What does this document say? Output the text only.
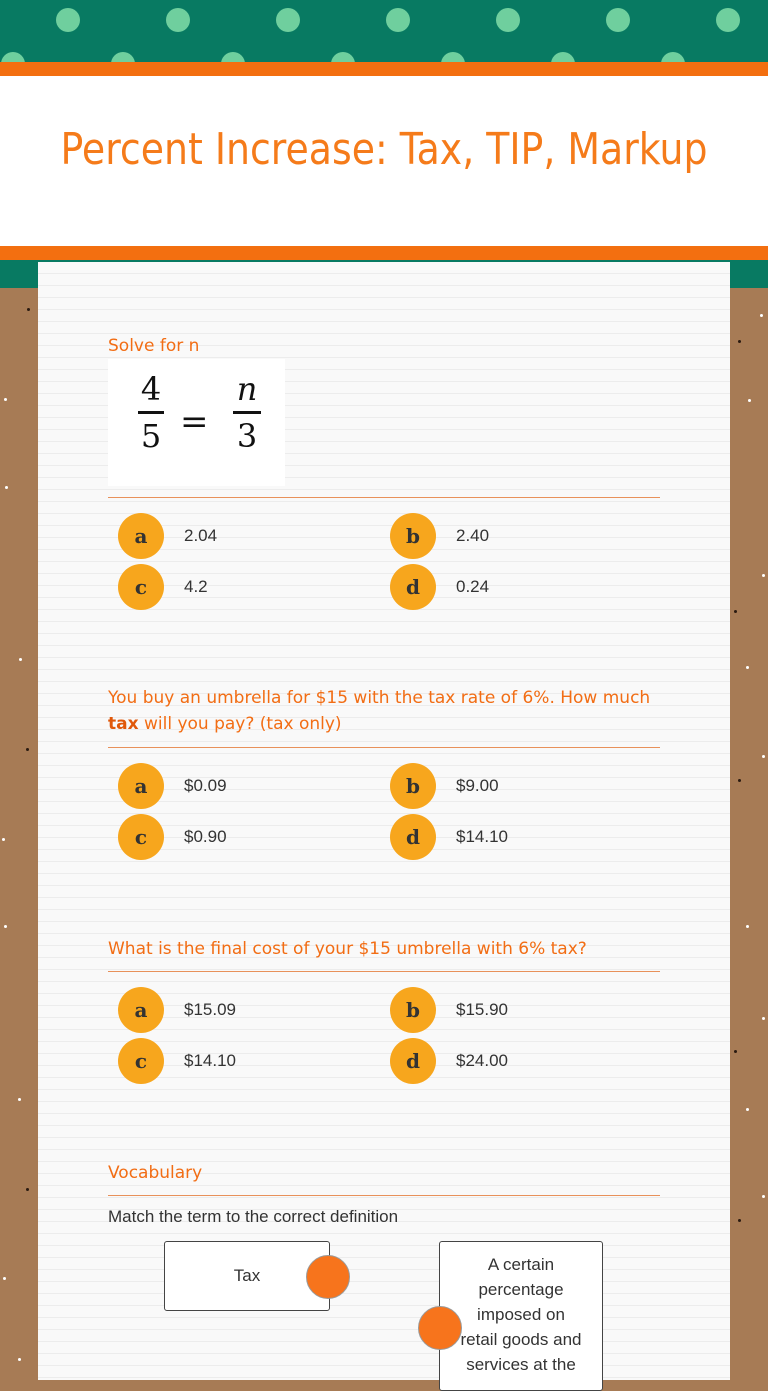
Percent Increase: Tax, TIP, Markup
Solve for n
4
5
n
3
=
a	2.04	b	2.40
c	4.2	d	0.24
You buy an umbrella for $15 with the tax rate of 6%. How much tax will you pay? (tax only)
a	$0.09	b	$9.00
c	$0.90	d	$14.10
What is the final cost of your $15 umbrella with 6% tax?
a	$15.09	b	$15.90
c	$14.10	d	$24.00
Vocabulary
Match the term to the correct definition
Tax
A certain
percentage
imposed on
retail goods and
services at the
